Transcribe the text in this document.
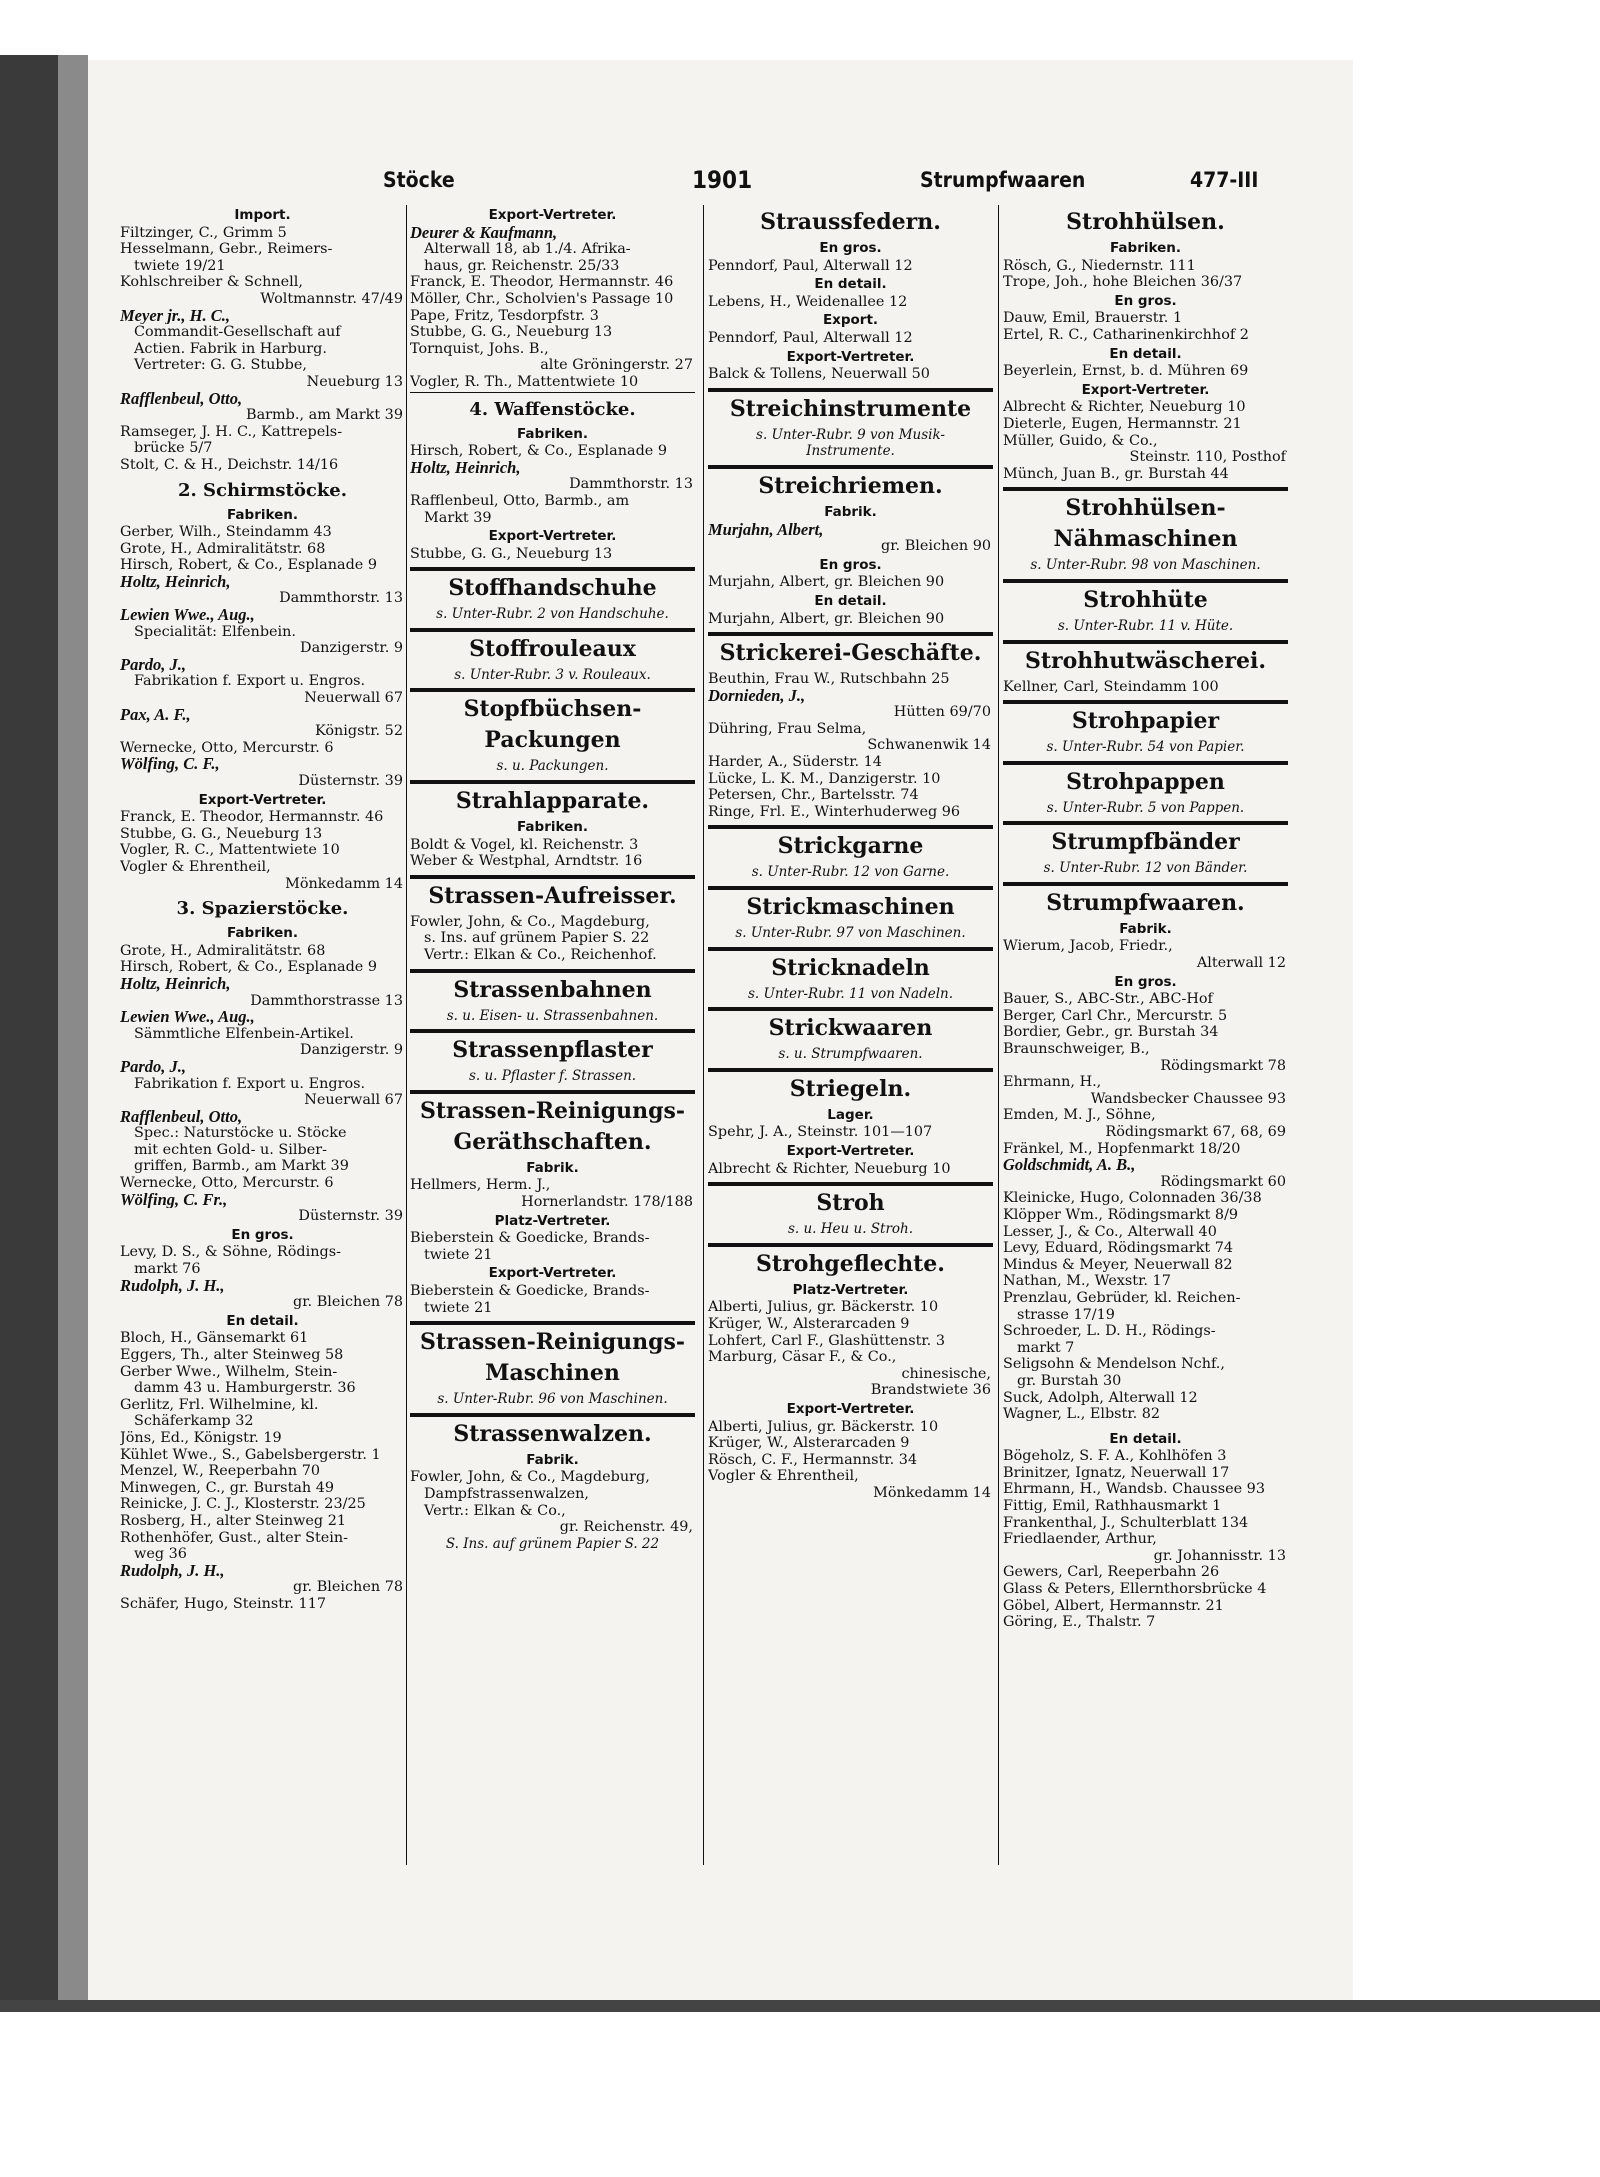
Stöcke	1901	Strumpfwaaren	477-III
Import.
Filtzinger, C., Grimm 5
Hesselmann, Gebr., Reimers-
twiete 19/21
Kohlschreiber & Schnell,
Woltmannstr. 47/49
Meyer jr., H. C.,
Commandit-Gesellschaft auf
Actien. Fabrik in Harburg.
Vertreter: G. G. Stubbe,
Neueburg 13
Rafflenbeul, Otto,
Barmb., am Markt 39
Ramseger, J. H. C., Kattrepels-
brücke 5/7
Stolt, C. & H., Deichstr. 14/16
2. Schirmstöcke.
Fabriken.
Gerber, Wilh., Steindamm 43
Grote, H., Admiralitätstr. 68
Hirsch, Robert, & Co., Esplanade 9
Holtz, Heinrich,
Dammthorstr. 13
Lewien Wwe., Aug.,
Specialität: Elfenbein.
Danzigerstr. 9
Pardo, J.,
Fabrikation f. Export u. Engros.
Neuerwall 67
Pax, A. F.,
Königstr. 52
Wernecke, Otto, Mercurstr. 6
Wölfing, C. F.,
Düsternstr. 39
Export-Vertreter.
Franck, E. Theodor, Hermannstr. 46
Stubbe, G. G., Neueburg 13
Vogler, R. C., Mattentwiete 10
Vogler & Ehrentheil,
Mönkedamm 14
3. Spazierstöcke.
Fabriken.
Grote, H., Admiralitätstr. 68
Hirsch, Robert, & Co., Esplanade 9
Holtz, Heinrich,
Dammthorstrasse 13
Lewien Wwe., Aug.,
Sämmtliche Elfenbein-Artikel.
Danzigerstr. 9
Pardo, J.,
Fabrikation f. Export u. Engros.
Neuerwall 67
Rafflenbeul, Otto,
Spec.: Naturstöcke u. Stöcke
mit echten Gold- u. Silber-
griffen, Barmb., am Markt 39
Wernecke, Otto, Mercurstr. 6
Wölfing, C. Fr.,
Düsternstr. 39
En gros.
Levy, D. S., & Söhne, Rödings-
markt 76
Rudolph, J. H.,
gr. Bleichen 78
En detail.
Bloch, H., Gänsemarkt 61
Eggers, Th., alter Steinweg 58
Gerber Wwe., Wilhelm, Stein-
damm 43 u. Hamburgerstr. 36
Gerlitz, Frl. Wilhelmine, kl.
Schäferkamp 32
Jöns, Ed., Königstr. 19
Kühlet Wwe., S., Gabelsbergerstr. 1
Menzel, W., Reeperbahn 70
Minwegen, C., gr. Burstah 49
Reinicke, J. C. J., Klosterstr. 23/25
Rosberg, H., alter Steinweg 21
Rothenhöfer, Gust., alter Stein-
weg 36
Rudolph, J. H.,
gr. Bleichen 78
Schäfer, Hugo, Steinstr. 117
Export-Vertreter.
Deurer & Kaufmann,
Alterwall 18, ab 1./4. Afrika-
haus, gr. Reichenstr. 25/33
Franck, E. Theodor, Hermannstr. 46
Möller, Chr., Scholvien's Passage 10
Pape, Fritz, Tesdorpfstr. 3
Stubbe, G. G., Neueburg 13
Tornquist, Johs. B.,
alte Gröningerstr. 27
Vogler, R. Th., Mattentwiete 10
4. Waffenstöcke.
Fabriken.
Hirsch, Robert, & Co., Esplanade 9
Holtz, Heinrich,
Dammthorstr. 13
Rafflenbeul, Otto, Barmb., am
Markt 39
Export-Vertreter.
Stubbe, G. G., Neueburg 13
Stoffhandschuhe
s. Unter-Rubr. 2 von Handschuhe.
Stoffrouleaux
s. Unter-Rubr. 3 v. Rouleaux.
Stopfbüchsen-
Packungen
s. u. Packungen.
Strahlapparate.
Fabriken.
Boldt & Vogel, kl. Reichenstr. 3
Weber & Westphal, Arndtstr. 16
Strassen-Aufreisser.
Fowler, John, & Co., Magdeburg,
s. Ins. auf grünem Papier S. 22
Vertr.: Elkan & Co., Reichenhof.
Strassenbahnen
s. u. Eisen- u. Strassenbahnen.
Strassenpflaster
s. u. Pflaster f. Strassen.
Strassen-Reinigungs-
Geräthschaften.
Fabrik.
Hellmers, Herm. J.,
Hornerlandstr. 178/188
Platz-Vertreter.
Bieberstein & Goedicke, Brands-
twiete 21
Export-Vertreter.
Bieberstein & Goedicke, Brands-
twiete 21
Strassen-Reinigungs-
Maschinen
s. Unter-Rubr. 96 von Maschinen.
Strassenwalzen.
Fabrik.
Fowler, John, & Co., Magdeburg,
Dampfstrassenwalzen,
Vertr.: Elkan & Co.,
gr. Reichenstr. 49,
S. Ins. auf grünem Papier S. 22
Straussfedern.
En gros.
Penndorf, Paul, Alterwall 12
En detail.
Lebens, H., Weidenallee 12
Export.
Penndorf, Paul, Alterwall 12
Export-Vertreter.
Balck & Tollens, Neuerwall 50
Streichinstrumente
s. Unter-Rubr. 9 von Musik-
Instrumente.
Streichriemen.
Fabrik.
Murjahn, Albert,
gr. Bleichen 90
En gros.
Murjahn, Albert, gr. Bleichen 90
En detail.
Murjahn, Albert, gr. Bleichen 90
Strickerei-Geschäfte.
Beuthin, Frau W., Rutschbahn 25
Dornieden, J.,
Hütten 69/70
Dühring, Frau Selma,
Schwanenwik 14
Harder, A., Süderstr. 14
Lücke, L. K. M., Danzigerstr. 10
Petersen, Chr., Bartelsstr. 74
Ringe, Frl. E., Winterhuderweg 96
Strickgarne
s. Unter-Rubr. 12 von Garne.
Strickmaschinen
s. Unter-Rubr. 97 von Maschinen.
Stricknadeln
s. Unter-Rubr. 11 von Nadeln.
Strickwaaren
s. u. Strumpfwaaren.
Striegeln.
Lager.
Spehr, J. A., Steinstr. 101—107
Export-Vertreter.
Albrecht & Richter, Neueburg 10
Stroh
s. u. Heu u. Stroh.
Strohgeflechte.
Platz-Vertreter.
Alberti, Julius, gr. Bäckerstr. 10
Krüger, W., Alsterarcaden 9
Lohfert, Carl F., Glashüttenstr. 3
Marburg, Cäsar F., & Co.,
chinesische,
Brandstwiete 36
Export-Vertreter.
Alberti, Julius, gr. Bäckerstr. 10
Krüger, W., Alsterarcaden 9
Rösch, C. F., Hermannstr. 34
Vogler & Ehrentheil,
Mönkedamm 14
Strohhülsen.
Fabriken.
Rösch, G., Niedernstr. 111
Trope, Joh., hohe Bleichen 36/37
En gros.
Dauw, Emil, Brauerstr. 1
Ertel, R. C., Catharinenkirchhof 2
En detail.
Beyerlein, Ernst, b. d. Mühren 69
Export-Vertreter.
Albrecht & Richter, Neueburg 10
Dieterle, Eugen, Hermannstr. 21
Müller, Guido, & Co.,
Steinstr. 110, Posthof
Münch, Juan B., gr. Burstah 44
Strohhülsen-
Nähmaschinen
s. Unter-Rubr. 98 von Maschinen.
Strohhüte
s. Unter-Rubr. 11 v. Hüte.
Strohhutwäscherei.
Kellner, Carl, Steindamm 100
Strohpapier
s. Unter-Rubr. 54 von Papier.
Strohpappen
s. Unter-Rubr. 5 von Pappen.
Strumpfbänder
s. Unter-Rubr. 12 von Bänder.
Strumpfwaaren.
Fabrik.
Wierum, Jacob, Friedr.,
Alterwall 12
En gros.
Bauer, S., ABC-Str., ABC-Hof
Berger, Carl Chr., Mercurstr. 5
Bordier, Gebr., gr. Burstah 34
Braunschweiger, B.,
Rödingsmarkt 78
Ehrmann, H.,
Wandsbecker Chaussee 93
Emden, M. J., Söhne,
Rödingsmarkt 67, 68, 69
Fränkel, M., Hopfenmarkt 18/20
Goldschmidt, A. B.,
Rödingsmarkt 60
Kleinicke, Hugo, Colonnaden 36/38
Klöpper Wm., Rödingsmarkt 8/9
Lesser, J., & Co., Alterwall 40
Levy, Eduard, Rödingsmarkt 74
Mindus & Meyer, Neuerwall 82
Nathan, M., Wexstr. 17
Prenzlau, Gebrüder, kl. Reichen-
strasse 17/19
Schroeder, L. D. H., Rödings-
markt 7
Seligsohn & Mendelson Nchf.,
gr. Burstah 30
Suck, Adolph, Alterwall 12
Wagner, L., Elbstr. 82
En detail.
Bögeholz, S. F. A., Kohlhöfen 3
Brinitzer, Ignatz, Neuerwall 17
Ehrmann, H., Wandsb. Chaussee 93
Fittig, Emil, Rathhausmarkt 1
Frankenthal, J., Schulterblatt 134
Friedlaender, Arthur,
gr. Johannisstr. 13
Gewers, Carl, Reeperbahn 26
Glass & Peters, Ellernthorsbrücke 4
Göbel, Albert, Hermannstr. 21
Göring, E., Thalstr. 7
